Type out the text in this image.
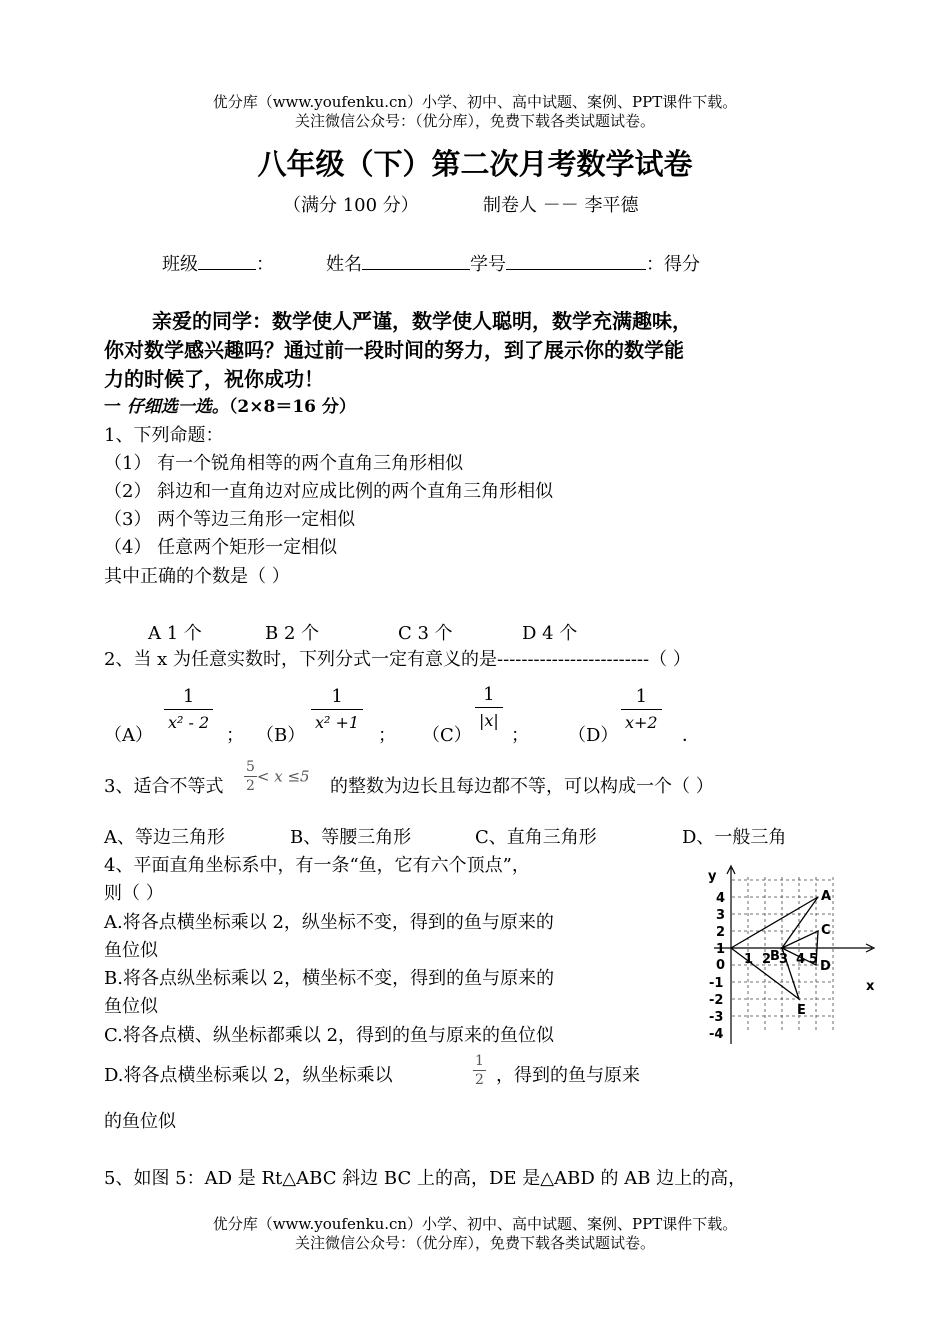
优分库（www.youfenku.cn）小学、初中、高中试题、案例、PPT课件下载。
关注微信公众号：（优分库），免费下载各类试题试卷。
八年级（下）第二次月考数学试卷
（满分 100 分）	制卷人 －－ 李平德
班级	：	姓名	学号	：得分
亲爱的同学：数学使人严谨，数学使人聪明，数学充满趣味，
你对数学感兴趣吗？通过前一段时间的努力，到了展示你的数学能
力的时候了，祝你成功！
一 仔细选一选。（2×8＝16 分）
1、下列命题：
（1） 有一个锐角相等的两个直角三角形相似
（2） 斜边和一直角边对应成比例的两个直角三角形相似
（3） 两个等边三角形一定相似
（4） 任意两个矩形一定相似
其中正确的个数是（ ）
A 1 个	B 2 个	C 3 个	D 4 个
2、当 x 为任意实数时，下列分式一定有意义的是-------------------------（ ）
$(A) \frac{1}{\text{x² - 2}}$ ； $(B) \frac{1}{\text{x² +1}}$ ； （C）
$\frac{1}{|x|}$
； $(D) \frac{1}{x+2}$ ．
3、适合不等式 $\frac{5}{2} < x \le 5$ 的整数为边长且每边都不等，可以构成一个（ ）
A、等边三角形	B、等腰三角形	C、直角三角形	D、一般三角
4、平面直角坐标系中，有一条“鱼，它有六个顶点”，
则（ ）
A.将各点横坐标乘以 2，纵坐标不变，得到的鱼与原来的
鱼位似
B.将各点纵坐标乘以 2，横坐标不变，得到的鱼与原来的
鱼位似
C.将各点横、纵坐标都乘以 2，得到的鱼与原来的鱼位似
D.将各点横坐标乘以 2，纵坐标乘以	$\frac{1}{2}$ ，得到的鱼与原来
的鱼位似
x
y
1 2 3 4 5
4
3
2
1
0
-1
-2
-3
-4
A
B
C
D
E
5、如图 5：AD 是 Rt△ABC 斜边 BC 上的高，DE 是△ABD 的 AB 边上的高，
优分库（www.youfenku.cn）小学、初中、高中试题、案例、PPT课件下载。
关注微信公众号：（优分库），免费下载各类试题试卷。
